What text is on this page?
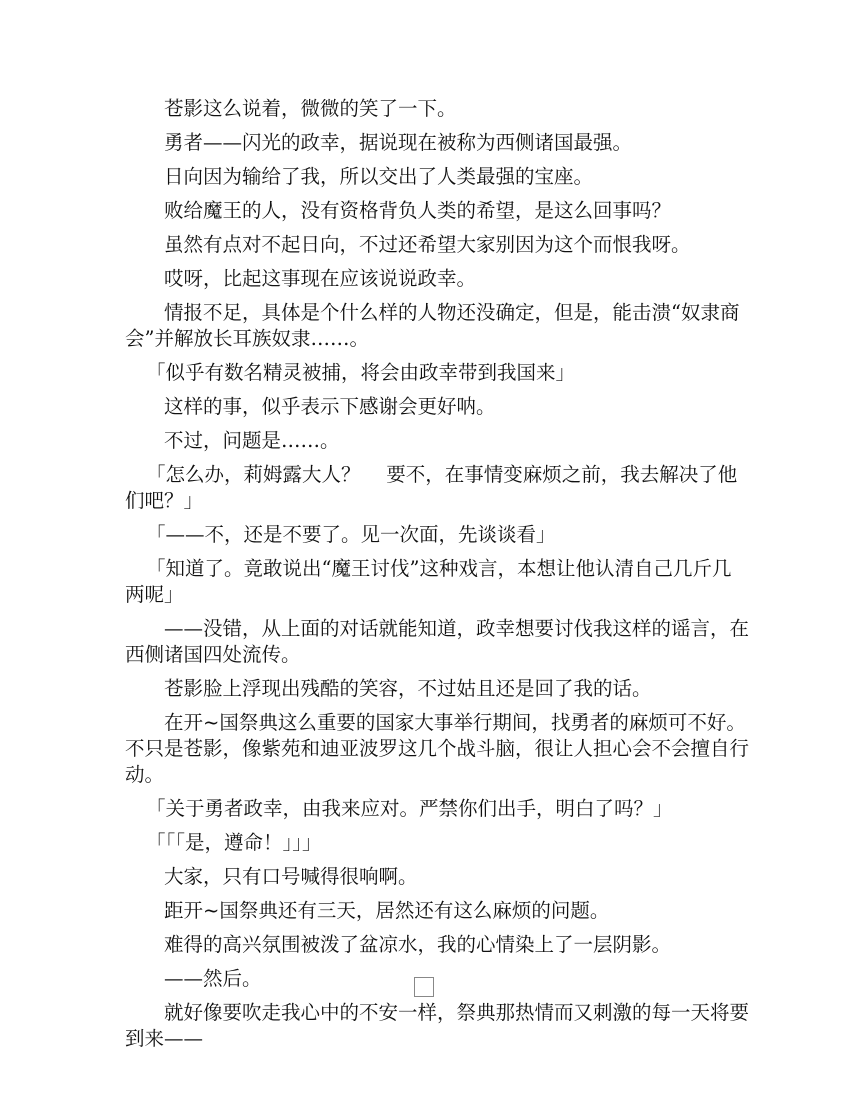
苍影这么说着，微微的笑了一下。

勇者——闪光的政幸，据说现在被称为西侧诸国最强。

日向因为输给了我，所以交出了人类最强的宝座。

败给魔王的人，没有资格背负人类的希望，是这么回事吗？

虽然有点对不起日向，不过还希望大家别因为这个而恨我呀。

哎呀，比起这事现在应该说说政幸。

情报不足，具体是个什么样的人物还没确定，但是，能击溃“奴隶商会”并解放长耳族奴隶……。

「似乎有数名精灵被捕，将会由政幸带到我国来」

这样的事，似乎表示下感谢会更好呐。

不过，问题是……。

「怎么办，莉姆露大人？　 要不，在事情变麻烦之前，我去解决了他们吧？」

「——不，还是不要了。见一次面，先谈谈看」

「知道了。竟敢说出“魔王讨伐”这种戏言，本想让他认清自己几斤几两呢」

——没错，从上面的对话就能知道，政幸想要讨伐我这样的谣言，在西侧诸国四处流传。

苍影脸上浮现出残酷的笑容，不过姑且还是回了我的话。

在开~国祭典这么重要的国家大事举行期间，找勇者的麻烦可不好。不只是苍影，像紫苑和迪亚波罗这几个战斗脑，很让人担心会不会擅自行动。

「关于勇者政幸，由我来应对。严禁你们出手，明白了吗？」

「「「是，遵命！」」」

大家，只有口号喊得很响啊。

距开~国祭典还有三天，居然还有这么麻烦的问题。

难得的高兴氛围被泼了盆凉水，我的心情染上了一层阴影。

——然后。

就好像要吹走我心中的不安一样，祭典那热情而又刺激的每一天将要到来——
